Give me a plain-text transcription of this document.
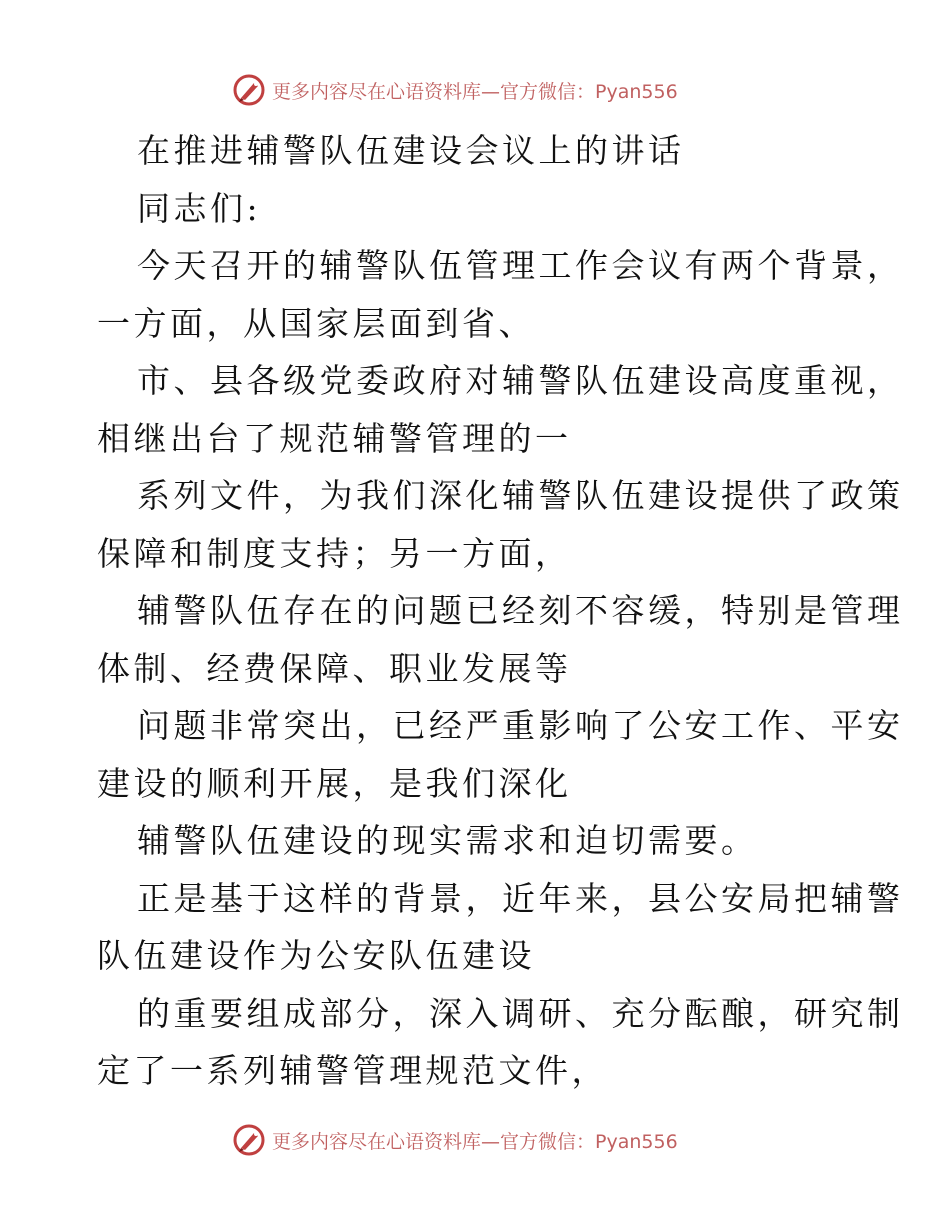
更多内容尽在心语资料库—官方微信：Pyan556

在推进辅警队伍建设会议上的讲话

同志们:

今天召开的辅警队伍管理工作会议有两个背景，

一方面，从国家层面到省、

市、县各级党委政府对辅警队伍建设高度重视，

相继出台了规范辅警管理的一

系列文件，为我们深化辅警队伍建设提供了政策

保障和制度支持；另一方面，

辅警队伍存在的问题已经刻不容缓，特别是管理

体制、经费保障、职业发展等

问题非常突出，已经严重影响了公安工作、平安

建设的顺利开展，是我们深化

辅警队伍建设的现实需求和迫切需要。

正是基于这样的背景，近年来，县公安局把辅警

队伍建设作为公安队伍建设

的重要组成部分，深入调研、充分酝酿，研究制

定了一系列辅警管理规范文件，

更多内容尽在心语资料库—官方微信：Pyan556
